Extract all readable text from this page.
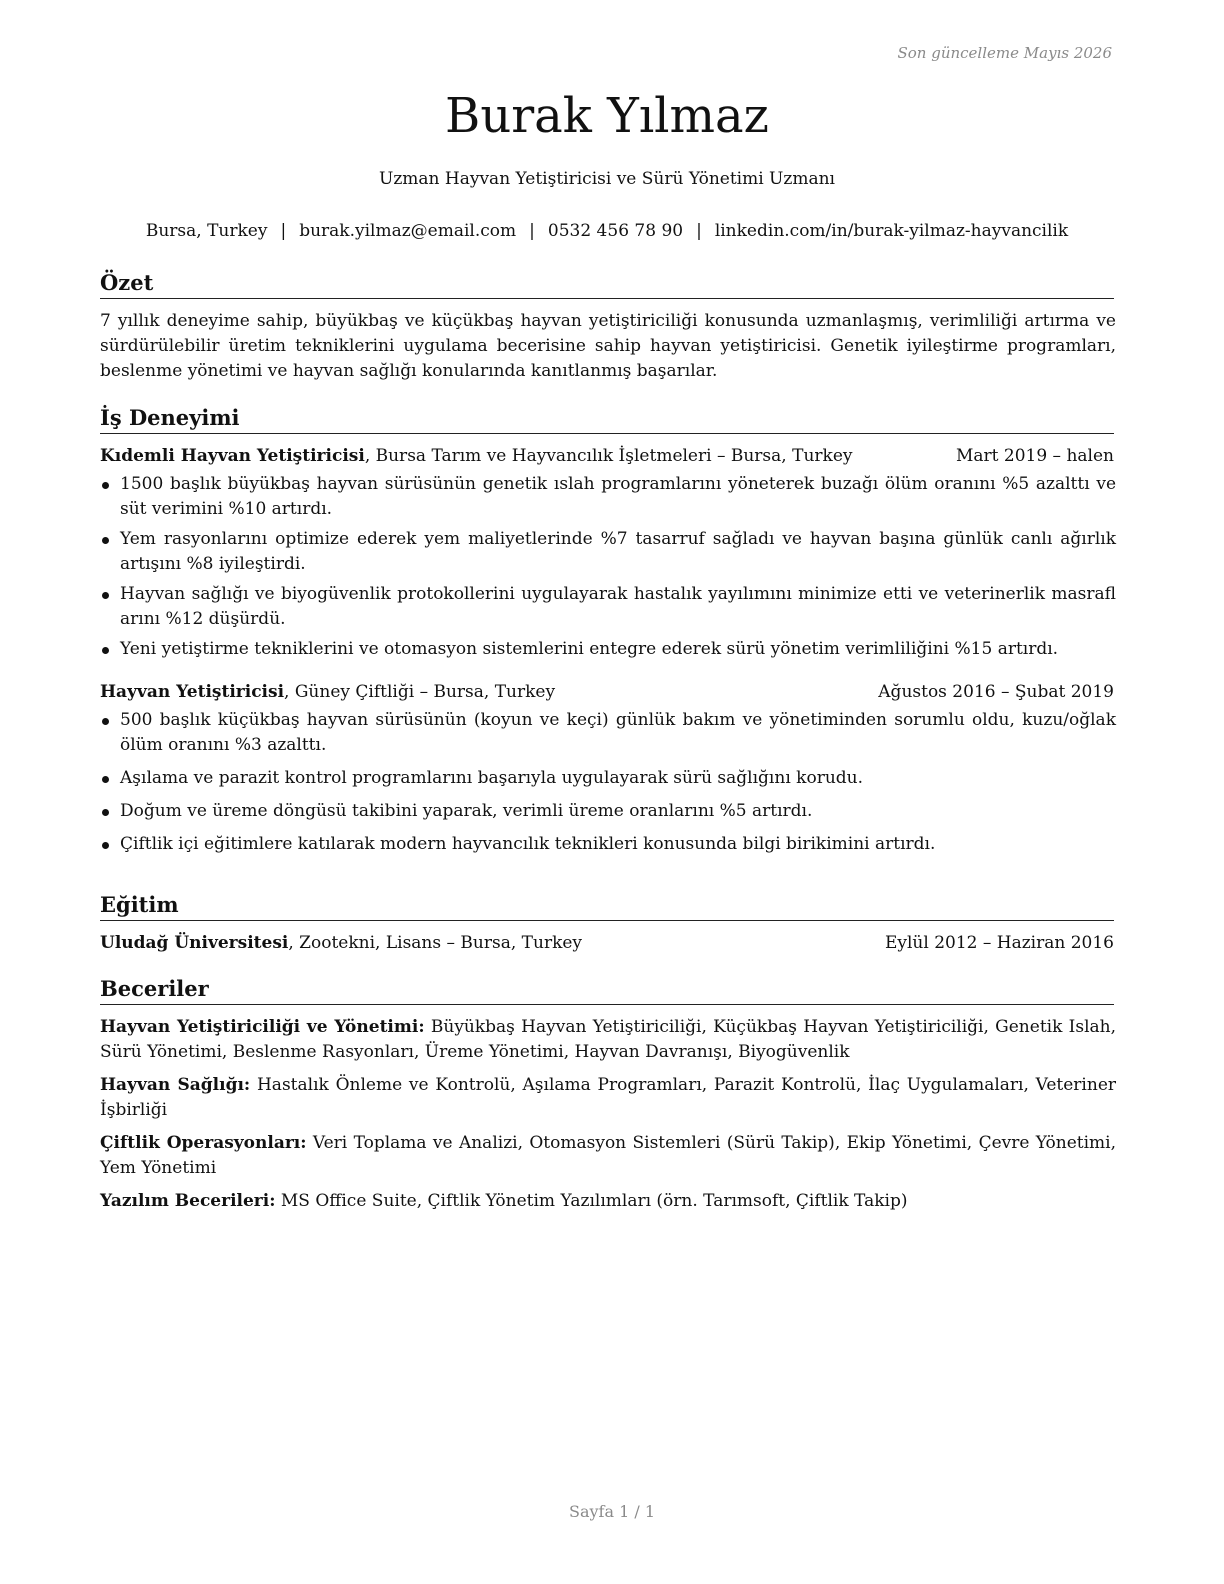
Son güncelleme Mayıs 2026
Burak Yılmaz
Uzman Hayvan Yetiştiricisi ve Sürü Yönetimi Uzmanı
Bursa, Turkey | burak.yilmaz@email.com | 0532 456 78 90 | linkedin.com/in/burak-yilmaz-hayvancilik
Özet

7 yıllık deneyime sahip, büyükbaş ve küçükbaş hayvan yetiştiriciliği konusunda uzmanlaşmış, verimliliği artırma ve sürdürülebilir üretim tekniklerini uygulama becerisine sahip hayvan yetiştiricisi. Genetik iyileştirme programları, beslenme yönetimi ve hayvan sağlığı konularında kanıtlanmış başarılar.

İş Deneyimi
Kıdemli Hayvan Yetiştiricisi, Bursa Tarım ve Hayvancılık İşletmeleri – Bursa, Turkey	Mart 2019 – halen
1500 başlık büyükbaş hayvan sürüsünün genetik ıslah programlarını yöneterek buzağı ölüm oranını %5 azalttı ve süt verimini %10 artırdı.
Yem rasyonlarını optimize ederek yem maliyetlerinde %7 tasarruf sağladı ve hayvan başına günlük canlı ağırlık artışını %8 iyileştirdi.
Hayvan sağlığı ve biyogüvenlik protokollerini uygulayarak hastalık yayılımını minimize etti ve veterinerlik masrafl arını %12 düşürdü.
Yeni yetiştirme tekniklerini ve otomasyon sistemlerini entegre ederek sürü yönetim verimliliğini %15 artırdı.
Hayvan Yetiştiricisi, Güney Çiftliği – Bursa, Turkey	Ağustos 2016 – Şubat 2019
500 başlık küçükbaş hayvan sürüsünün (koyun ve keçi) günlük bakım ve yönetiminden sorumlu oldu, kuzu/oğlak ölüm oranını %3 azalttı.
Aşılama ve parazit kontrol programlarını başarıyla uygulayarak sürü sağlığını korudu.
Doğum ve üreme döngüsü takibini yaparak, verimli üreme oranlarını %5 artırdı.
Çiftlik içi eğitimlere katılarak modern hayvancılık teknikleri konusunda bilgi birikimini artırdı.
Eğitim
Uludağ Üniversitesi, Zootekni, Lisans – Bursa, Turkey	Eylül 2012 – Haziran 2016
Beceriler

Hayvan Yetiştiriciliği ve Yönetimi: Büyükbaş Hayvan Yetiştiriciliği, Küçükbaş Hayvan Yetiştiriciliği, Genetik Islah, Sürü Yönetimi, Beslenme Rasyonları, Üreme Yönetimi, Hayvan Davranışı, Biyogüvenlik

Hayvan Sağlığı: Hastalık Önleme ve Kontrolü, Aşılama Programları, Parazit Kontrolü, İlaç Uygulamaları, Veteriner İşbirliği

Çiftlik Operasyonları: Veri Toplama ve Analizi, Otomasyon Sistemleri (Sürü Takip), Ekip Yönetimi, Çevre Yönetimi, Yem Yönetimi

Yazılım Becerileri: MS Office Suite, Çiftlik Yönetim Yazılımları (örn. Tarımsoft, Çiftlik Takip)

Sayfa 1 / 1
